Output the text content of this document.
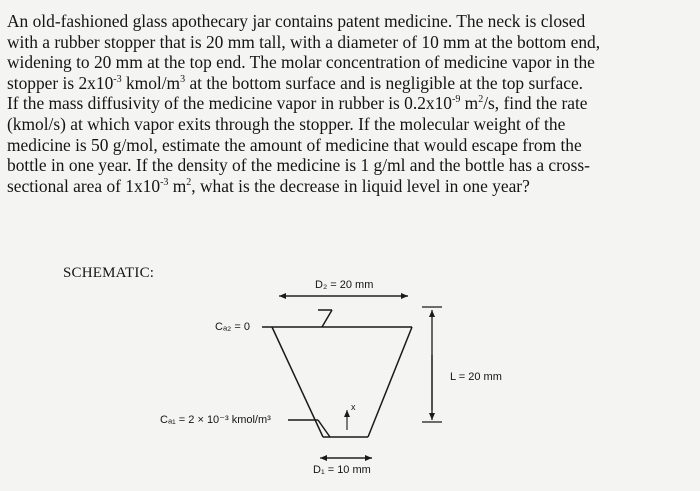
An old-fashioned glass apothecary jar contains patent medicine. The neck is closed
with a rubber stopper that is 20 mm tall, with a diameter of 10 mm at the bottom end,
widening to 20 mm at the top end. The molar concentration of medicine vapor in the
stopper is $2x10^{-3}$ kmol/$m^3$ at the bottom surface and is negligible at the top surface.
If the mass diffusivity of the medicine vapor in rubber is $0.2x10^{-9}$ $m^2/s$, find the rate
(kmol/s) at which vapor exits through the stopper. If the molecular weight of the
medicine is 50 g/mol, estimate the amount of medicine that would escape from the
bottle in one year. If the density of the medicine is 1 g/ml and the bottle has a cross-
sectional area of $1x10^{-3}$ $m^2$, what is the decrease in liquid level in one year?
SCHEMATIC:
D₂ = 20 mm
Cₐ₂ = 0
L = 20 mm
Cₐ₁ = 2 × 10⁻³ kmol/m³
x
D₁ = 10 mm
